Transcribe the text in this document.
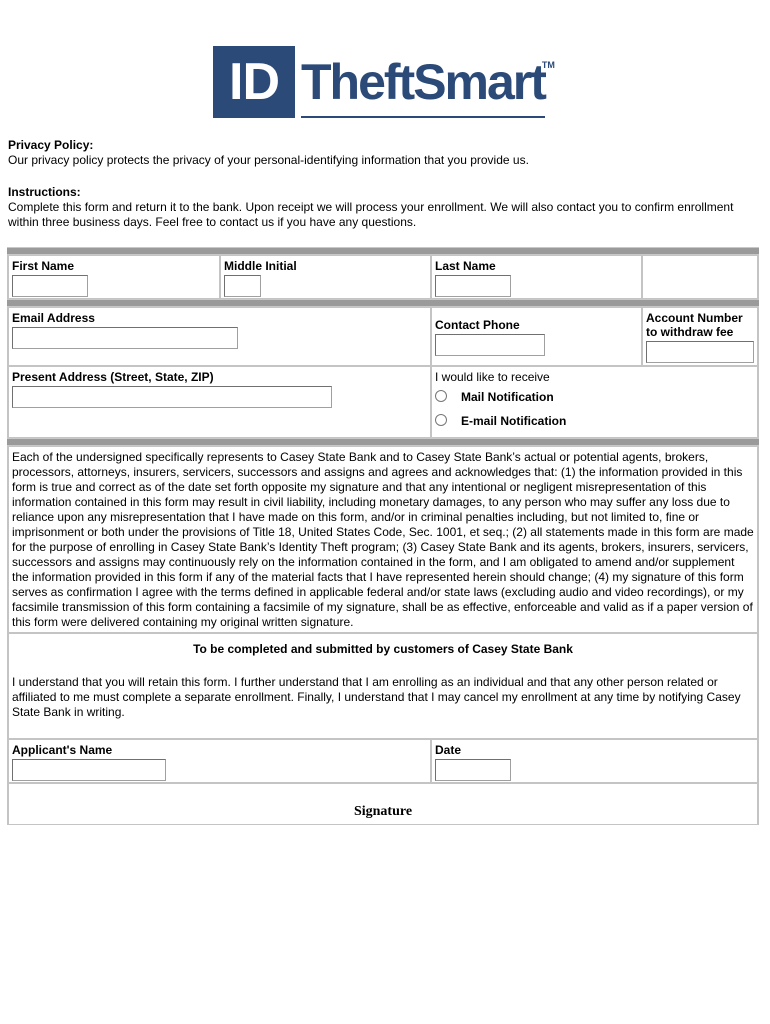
ID TheftSmart
TM
Privacy Policy:
Our privacy policy protects the privacy of your personal-identifying information that you provide us.
Instructions:
Complete this form and return it to the bank. Upon receipt we will process your enrollment. We will also contact you to confirm enrollment within three business days. Feel free to contact us if you have any questions.
First Name	Middle Initial	Last Name
Email Address	Contact Phone	Account Number to withdraw fee
Present Address (Street, State, ZIP)	I would like to receive
Mail Notification
E-mail Notification
Each of the undersigned specifically represents to Casey State Bank and to Casey State Bank’s actual or potential agents, brokers, processors, attorneys, insurers, servicers, successors and assigns and agrees and acknowledges that: (1) the information provided in this form is true and correct as of the date set forth opposite my signature and that any intentional or negligent misrepresentation of this information contained in this form may result in civil liability, including monetary damages, to any person who may suffer any loss due to reliance upon any misrepresentation that I have made on this form, and/or in criminal penalties including, but not limited to, fine or imprisonment or both under the provisions of Title 18, United States Code, Sec. 1001, et seq.; (2) all statements made in this form are made for the purpose of enrolling in Casey State Bank’s Identity Theft program; (3) Casey State Bank and its agents, brokers, insurers, servicers, successors and assigns may continuously rely on the information contained in the form, and I am obligated to amend and/or supplement the information provided in this form if any of the material facts that I have represented herein should change; (4) my signature of this form serves as confirmation I agree with the terms defined in applicable federal and/or state laws (excluding audio and video recordings), or my facsimile transmission of this form containing a facsimile of my signature, shall be as effective, enforceable and valid as if a paper version of this form were delivered containing my original written signature.
To be completed and submitted by customers of Casey State Bank
I understand that you will retain this form. I further understand that I am enrolling as an individual and that any other person related or affiliated to me must complete a separate enrollment. Finally, I understand that I may cancel my enrollment at any time by notifying Casey State Bank in writing.
Applicant's Name	Date
Signature
